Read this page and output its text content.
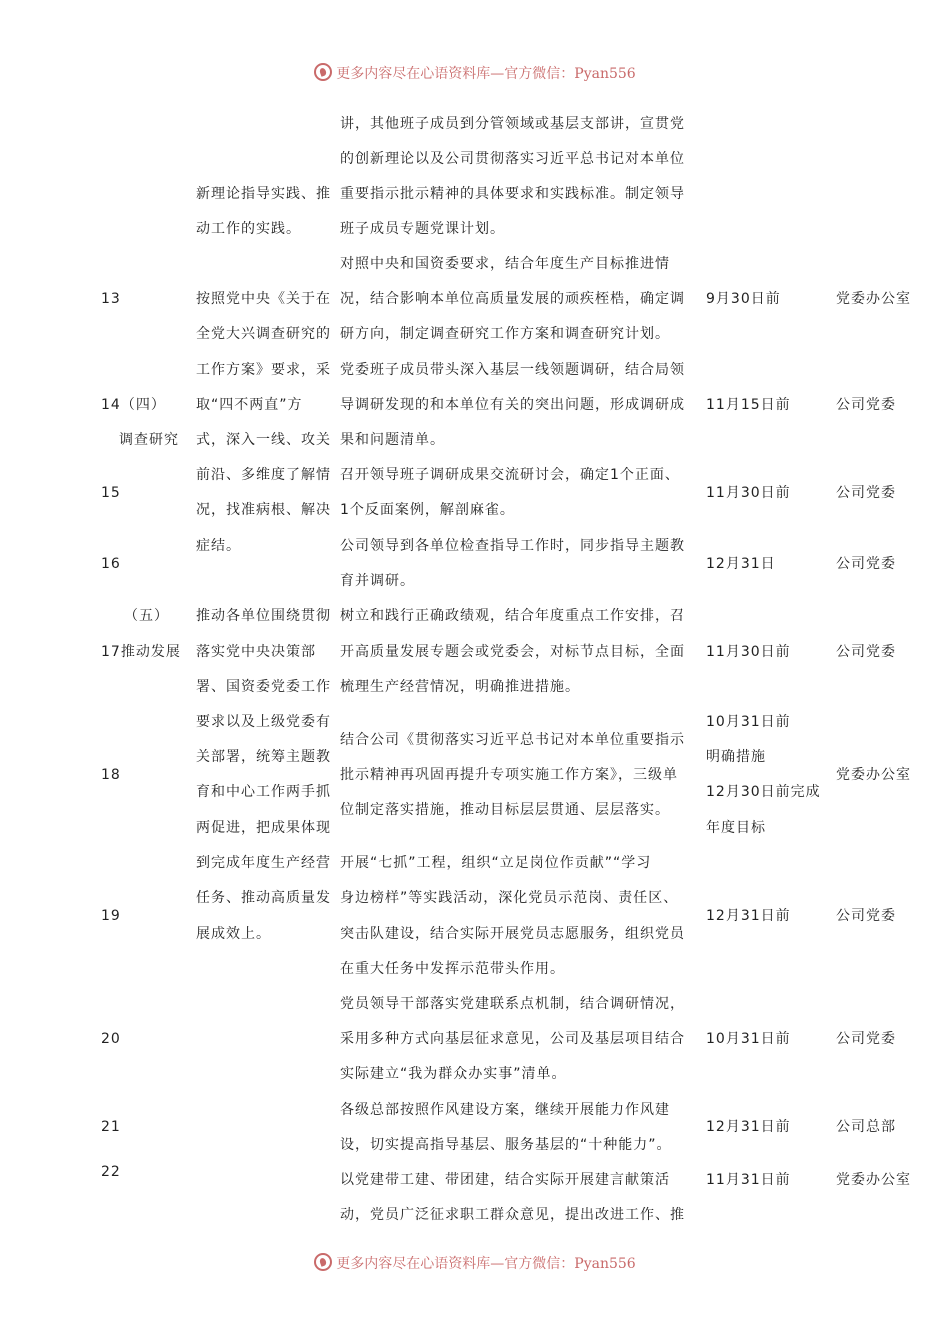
更多内容尽在心语资料库—官方微信：Pyan556
13
14（四）
调查研究
15
16
（五）
17推动发展
18
19
20
21
22
新理论指导实践、推
动工作的实践。
按照党中央《关于在
全党大兴调查研究的
工作方案》要求，采
取“四不两直”方
式，深入一线、攻关
前沿、多维度了解情
况，找准病根、解决
症结。
推动各单位围绕贯彻
落实党中央决策部
署、国资委党委工作
要求以及上级党委有
关部署，统筹主题教
育和中心工作两手抓
两促进，把成果体现
到完成年度生产经营
任务、推动高质量发
展成效上。
讲，其他班子成员到分管领域或基层支部讲，宣贯党
的创新理论以及公司贯彻落实习近平总书记对本单位
重要指示批示精神的具体要求和实践标准。制定领导
班子成员专题党课计划。
对照中央和国资委要求，结合年度生产目标推进情
况，结合影响本单位高质量发展的顽疾桎梏，确定调
研方向，制定调查研究工作方案和调查研究计划。
党委班子成员带头深入基层一线领题调研，结合局领
导调研发现的和本单位有关的突出问题，形成调研成
果和问题清单。
召开领导班子调研成果交流研讨会，确定1个正面、
1个反面案例，解剖麻雀。
公司领导到各单位检查指导工作时，同步指导主题教
育并调研。
树立和践行正确政绩观，结合年度重点工作安排，召
开高质量发展专题会或党委会，对标节点目标，全面
梳理生产经营情况，明确推进措施。
结合公司《贯彻落实习近平总书记对本单位重要指示
批示精神再巩固再提升专项实施工作方案》，三级单
位制定落实措施，推动目标层层贯通、层层落实。
开展“七抓”工程，组织“立足岗位作贡献”“学习
身边榜样”等实践活动，深化党员示范岗、责任区、
突击队建设，结合实际开展党员志愿服务，组织党员
在重大任务中发挥示范带头作用。
党员领导干部落实党建联系点机制，结合调研情况，
采用多种方式向基层征求意见，公司及基层项目结合
实际建立“我为群众办实事”清单。
各级总部按照作风建设方案，继续开展能力作风建
设，切实提高指导基层、服务基层的“十种能力”。
以党建带工建、带团建，结合实际开展建言献策活
动，党员广泛征求职工群众意见，提出改进工作、推
9月30日前
11月15日前
11月30日前
12月31日
11月30日前
10月31日前
明确措施
12月30日前完成
年度目标
12月31日前
10月31日前
12月31日前
11月31日前
党委办公室
公司党委
公司党委
公司党委
公司党委
党委办公室
公司党委
公司党委
公司总部
党委办公室
更多内容尽在心语资料库—官方微信：Pyan556
